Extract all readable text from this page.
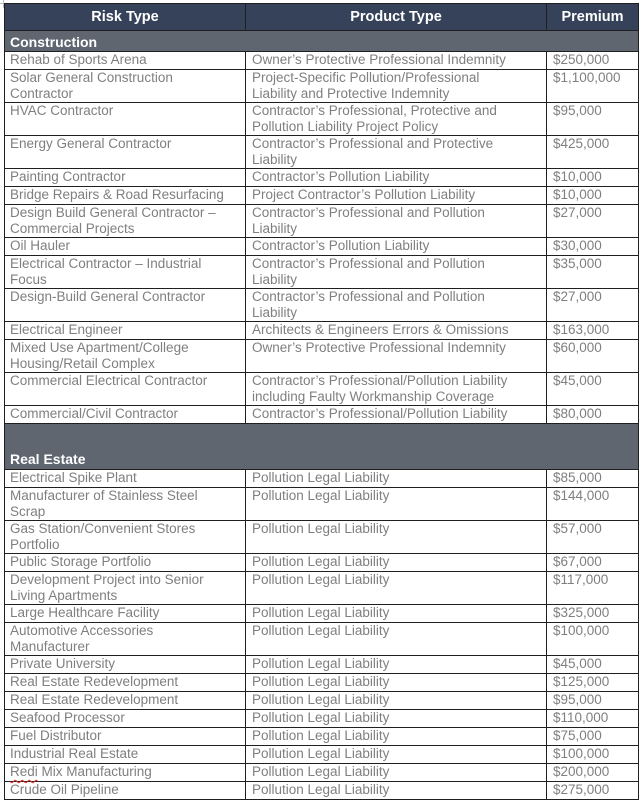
Risk Type	Product Type	Premium
Construction		
Rehab of Sports Arena	Owner’s Protective Professional Indemnity	$250,000
Solar General Construction Contractor	Project-Specific Pollution/Professional Liability and Protective Indemnity	$1,100,000
HVAC Contractor	Contractor’s Professional, Protective and Pollution Liability Project Policy	$95,000
Energy General Contractor	Contractor’s Professional and Protective Liability	$425,000
Painting Contractor	Contractor’s Pollution Liability	$10,000
Bridge Repairs & Road Resurfacing	Project Contractor’s Pollution Liability	$10,000
Design Build General Contractor – Commercial Projects	Contractor’s Professional and Pollution Liability	$27,000
Oil Hauler	Contractor’s Pollution Liability	$30,000
Electrical Contractor – Industrial Focus	Contractor’s Professional and Pollution Liability	$35,000
Design-Build General Contractor	Contractor’s Professional and Pollution Liability	$27,000
Electrical Engineer	Architects & Engineers Errors & Omissions	$163,000
Mixed Use Apartment/College Housing/Retail Complex	Owner’s Protective Professional Indemnity	$60,000
Commercial Electrical Contractor	Contractor’s Professional/Pollution Liability including Faulty Workmanship Coverage	$45,000
Commercial/Civil Contractor	Contractor’s Professional/Pollution Liability	$80,000
Real Estate		
Electrical Spike Plant	Pollution Legal Liability	$85,000
Manufacturer of Stainless Steel Scrap	Pollution Legal Liability	$144,000
Gas Station/Convenient Stores Portfolio	Pollution Legal Liability	$57,000
Public Storage Portfolio	Pollution Legal Liability	$67,000
Development Project into Senior Living Apartments	Pollution Legal Liability	$117,000
Large Healthcare Facility	Pollution Legal Liability	$325,000
Automotive Accessories Manufacturer	Pollution Legal Liability	$100,000
Private University	Pollution Legal Liability	$45,000
Real Estate Redevelopment	Pollution Legal Liability	$125,000
Real Estate Redevelopment	Pollution Legal Liability	$95,000
Seafood Processor	Pollution Legal Liability	$110,000
Fuel Distributor	Pollution Legal Liability	$75,000
Industrial Real Estate	Pollution Legal Liability	$100,000
Redi Mix Manufacturing	Pollution Legal Liability	$200,000
Crude Oil Pipeline	Pollution Legal Liability	$275,000
